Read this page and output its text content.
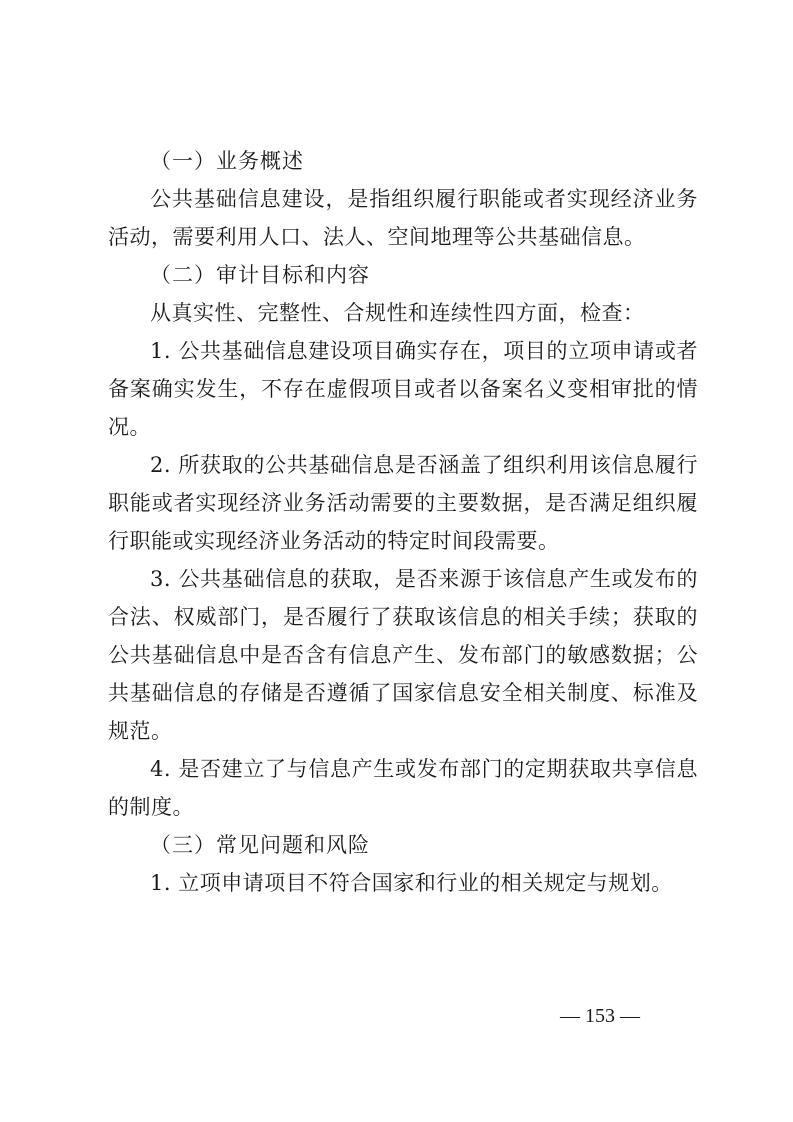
（一）业务概述

公共基础信息建设，是指组织履行职能或者实现经济业务活动，需要利用人口、法人、空间地理等公共基础信息。

（二）审计目标和内容

从真实性、完整性、合规性和连续性四方面，检查：

1. 公共基础信息建设项目确实存在，项目的立项申请或者备案确实发生，不存在虚假项目或者以备案名义变相审批的情况。

2. 所获取的公共基础信息是否涵盖了组织利用该信息履行职能或者实现经济业务活动需要的主要数据，是否满足组织履行职能或实现经济业务活动的特定时间段需要。

3. 公共基础信息的获取，是否来源于该信息产生或发布的合法、权威部门，是否履行了获取该信息的相关手续；获取的公共基础信息中是否含有信息产生、发布部门的敏感数据；公共基础信息的存储是否遵循了国家信息安全相关制度、标准及规范。

4. 是否建立了与信息产生或发布部门的定期获取共享信息的制度。

（三）常见问题和风险

1. 立项申请项目不符合国家和行业的相关规定与规划。

— 153 —
